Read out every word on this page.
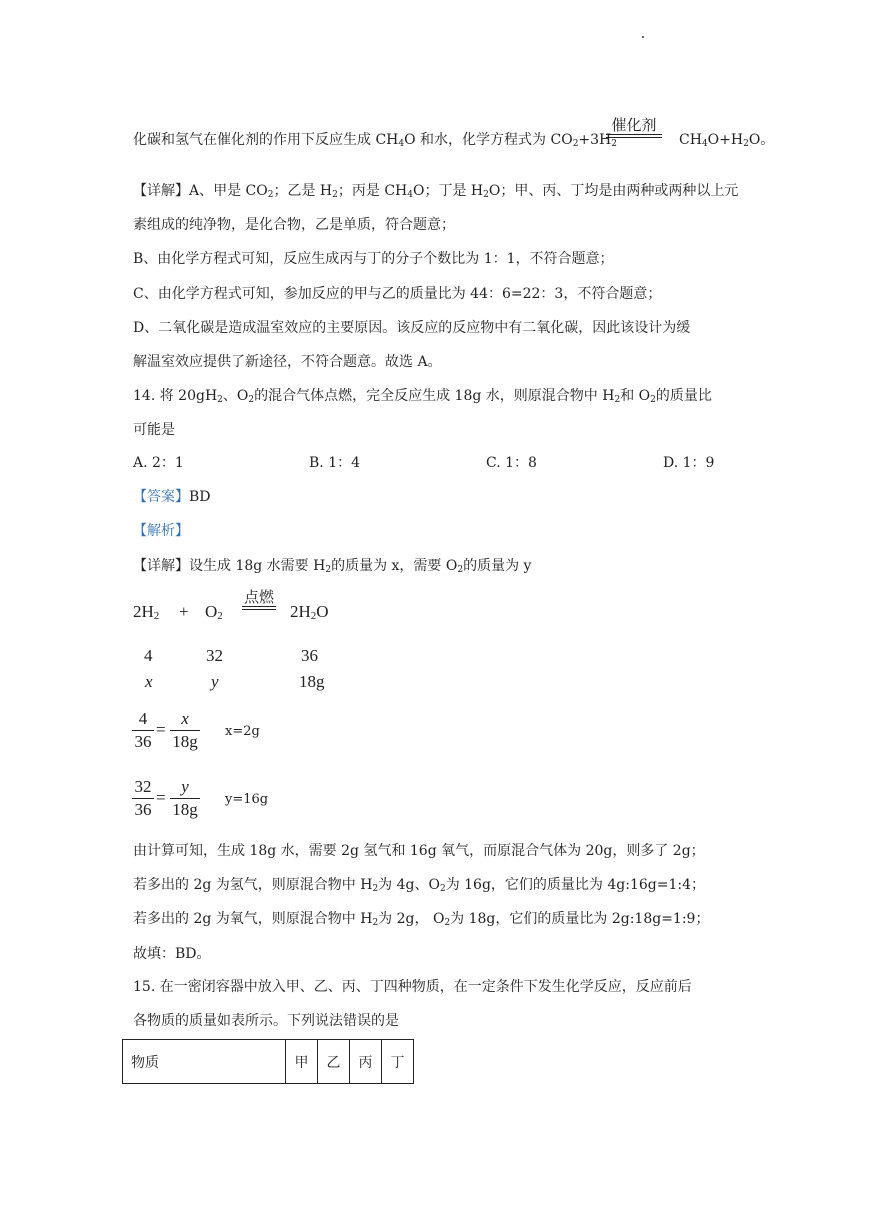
化碳和氢气在催化剂的作用下反应生成 $CH_4O$ 和水，化学方程式为 $CO_2+3H_2$	$CH_4O+H_2O$。
催化剂
【详解】A、甲是 $CO_2$；乙是 $H_2$；丙是 $CH_4O$；丁是 $H_2O$；甲、丙、丁均是由两种或两种以上元
素组成的纯净物，是化合物，乙是单质，符合题意；
B、由化学方程式可知，反应生成丙与丁的分子个数比为 1：1，不符合题意；
C、由化学方程式可知，参加反应的甲与乙的质量比为 44：6=22：3，不符合题意；
D、二氧化碳是造成温室效应的主要原因。该反应的反应物中有二氧化碳，因此该设计为缓
解温室效应提供了新途径，不符合题意。故选 A。
14. 将 $20gH_2$、$O_2$的混合气体点燃，完全反应生成 18g 水，则原混合物中 $H_2$和 $O_2$的质量比
可能是
A. 2：1	B. 1：4	C. 1：8	D. 1：9
【答案】BD
【解析】
【详解】设生成 18g 水需要 $H_2$的质量为 x，需要 $O_2$的质量为 y
$2H_2 + O_2$
点燃
$2H_2O$
4	32	36
x	y	18g
4
36
=
x
18g
x=2g
32
36
=
y
18g
y=16g
由计算可知，生成 18g 水，需要 2g 氢气和 16g 氧气，而原混合气体为 20g，则多了 2g；
若多出的 2g 为氢气，则原混合物中 $H_2$为 4g、$O_2$为 16g，它们的质量比为 4g:16g=1:4；
若多出的 2g 为氧气，则原混合物中 $H_2$为 2g， $O_2$为 18g，它们的质量比为 2g:18g=1:9；
故填：BD。
15. 在一密闭容器中放入甲、乙、丙、丁四种物质，在一定条件下发生化学反应，反应前后
各物质的质量如表所示。下列说法错误的是
物质	甲	乙	丙	丁
